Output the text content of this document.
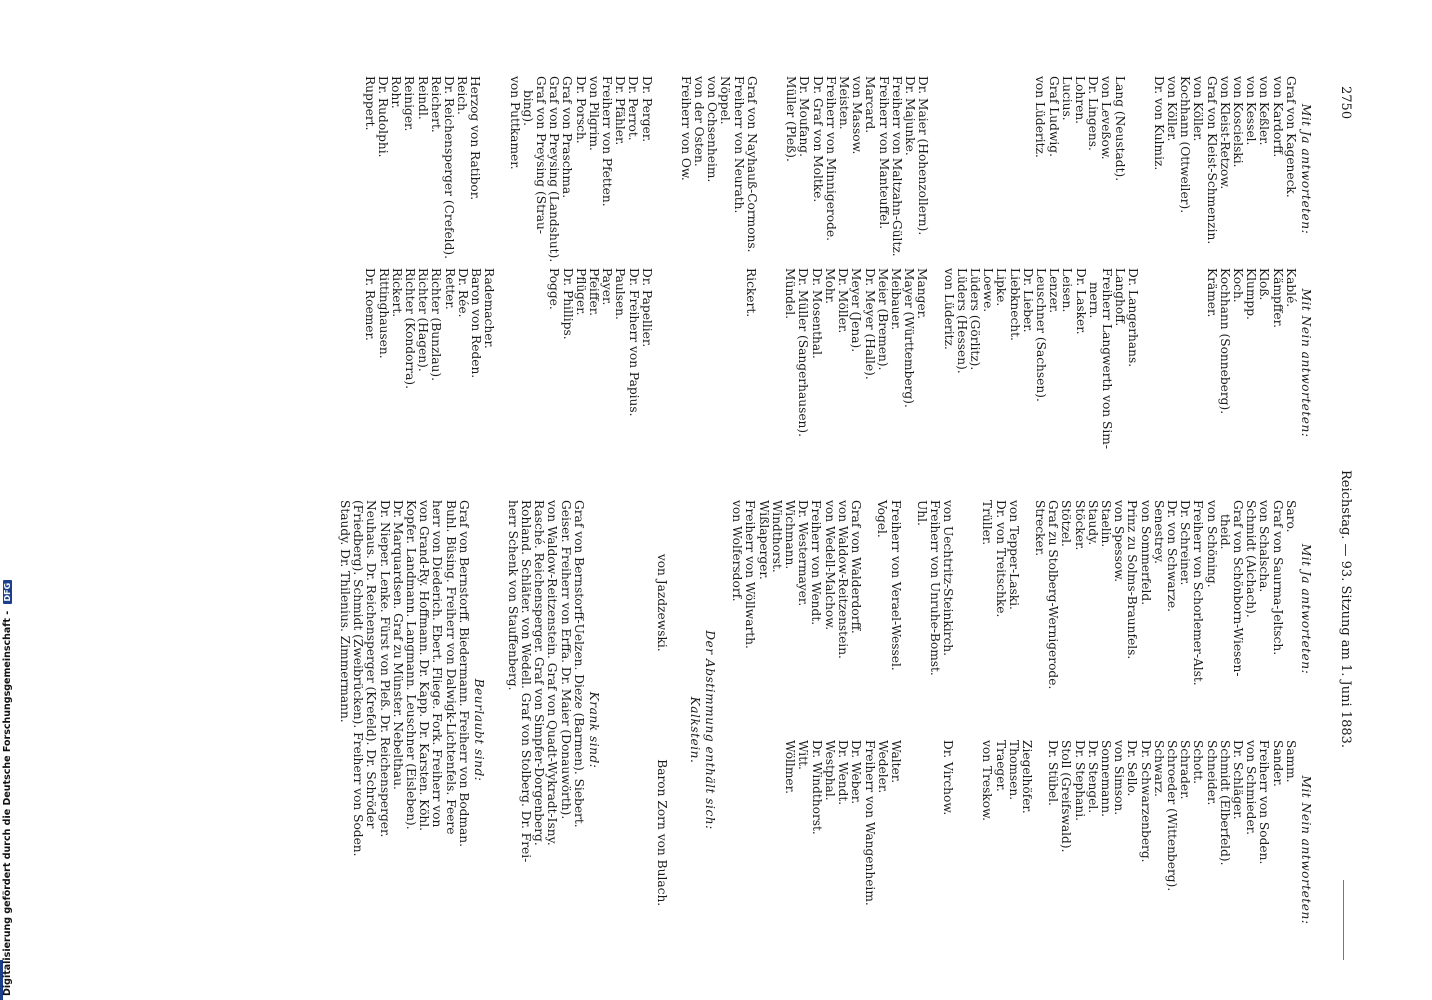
2750
Reichstag. — 93. Sitzung am 1. Juni 1883.
Mit Ja antworteten:
Graf von Kageneck.
von Kardorff.
von Keßler.
von Kessel.
von Koscielski.
von Kleist-Retzow.
Graf von Kleist-Schmenzin.
von Köller.
Kochhann (Ottweiler).
von Köller.
Dr. von Kulmiz.
Lang (Neustadt).
von Leveßow.
Dr. Lingens.
Lohren.
Lucius.
Graf Ludwig.
von Lüderitz.
Dr. Maier (Hohenzollern).
Dr. Majunke.
Freiherr von Maltzahn-Gültz.
Freiherr von Manteuffel.
Marcard.
von Massow.
Meisten.
Freiherr von Minnigerode.
Dr. Graf von Moltke.
Dr. Moufang.
Müller (Pleß).
Graf von Nayhauß-Cormons.
Freiherr von Neurath.
Nöppel.
von Ochsenheim.
von der Osten.
Freiherr von Ow.
Dr. Perger.
Dr. Perrot.
Dr. Pfähler.
Freiherr von Pfetten.
von Pilgrim.
Dr. Porsch.
Graf von Praschma.
Graf von Preysing (Landshut).
Graf von Preysing (Strau-
bing).
von Puttkamer.
Herzog von Ratibor.
Reich.
Dr. Reichensperger (Crefeld).
Reichert.
Reindl.
Reiniger.
Rohr.
Dr. Rudolphi.
Ruppert.
Mit Nein antworteten:
Kablé.
Kämpffer.
Kloß.
Klumpp.
Koch.
Kochhann (Sonneberg).
Krämer.
Dr. Langerhans.
Langhoff.
Freiherr Langwerth von Sim-
mern.
Dr. Lasker.
Leisen.
Lenzer.
Leuschner (Sachsen).
Dr. Lieber.
Liebknecht.
Lipke.
Loewe.
Lüders (Görlitz).
Lüders (Hessen).
von Lüderitz.
Manger.
Mayer (Württemberg).
Meibauer.
Meier (Bremen).
Dr. Meyer (Halle).
Meyer (Jena).
Dr. Möller.
Mohr.
Dr. Mosenthal.
Dr. Müller (Sangerhausen).
Mündel.
Rickert.
Dr. Papellier.
Dr. Freiherr von Papius.
Paulsen.
Payer.
Pfeiffer.
Pflüger.
Dr. Phillips.
Pogge.
Rademacher.
Baron von Reden.
Dr. Rée.
Retter.
Richter (Bunzlau).
Richter (Hagen).
Richter (Kondorra).
Rickert.
Rittinghausen.
Dr. Roemer.
Mit Ja antworteten:
Saro.
Graf von Saurma-Jeltsch.
von Schalscha.
Schmidt (Aichach).
Graf von Schönborn-Wiesen-
theid.
von Schöning.
Freiherr von Schorlemer-Alst.
Dr. Schreiner.
Dr. von Schwarze.
Senestrey.
von Sommerfeld.
Prinz zu Solms-Braunfels.
von Spessow.
Staelin.
Staudy.
Stöcker.
Stötzel.
Graf zu Stolberg-Wernigerode.
Strecker.
von Tepper-Laski.
Dr. von Treitschke.
Trüller.
von Uechtritz-Steinkirch.
Freiherr von Unruhe-Bomst.
Uhl.
Freiherr von Verael-Wessel.
Vogel.
Graf von Walderdorff.
von Waldow-Reitzenstein.
von Wedell-Malchow.
Freiherr von Wendt.
Dr. Westermayer.
Wichmann.
Windthorst.
Wißlaperger.
Freiherr von Wöllwarth.
von Wolfersdorf.
Mit Nein antworteten:
Samm.
Sander.
Freiherr von Soden.
von Schmieder.
Dr. Schläger.
Schmidt (Elberfeld).
Schneider.
Schott.
Schrader.
Schroeder (Wittenberg).
Schwarz.
Dr. Schwarzenberg.
Dr. Sello.
von Simson.
Sonnemann.
Dr. Stengel.
Dr. Stephani.
Stoll (Greifswald).
Dr. Stübel.
Ziegelhöfer.
Thomsen.
Traeger.
von Treskow.
Dr. Virchow.
Walter.
Wedeler.
Freiherr von Wangenheim.
Dr. Weber.
Dr. Wendt.
Westphal.
Dr. Windthorst.
Witt.
Wöllmer.
Der Abstimmung enthält sich:
Kalkstein.
von Jazdzewski.
Baron Zorn von Bulach.
Krank sind:
Graf von Bernstorff-Uelzen. Dieze (Barmen). Siebert.
Geiser. Freiherr von Erffa. Dr. Maier (Donauwörth).
von Waldow-Reitzenstein. Graf von Quadt-Wykradt-Isny.
Rasché. Reichensperger. Graf von Simpfer-Dorgenberg.
Rohland. Schläter. von Wedell. Graf von Stolberg. Dr. Frei-
herr Schenk von Stauffenberg.
Beurlaubt sind:
Graf von Bernstorff. Biedermann. Freiherr von Bodman.
Buhl. Büsing. Freiherr von Dalwigk-Lichtenfels. Feere
herr von Diederich. Ebert. Fliege. Fork. Freiherr von
von Grand-Ry. Hoffmann. Dr. Kapp. Dr. Karsten. Köhl.
Kopfer. Landmann. Langmann. Leuschner (Eisleben).
Dr. Marquardsen. Graf zu Münster. Nebelthau.
Dr. Nieper. Lenke. Fürst von Pleß. Dr. Reichensperger.
Neuhaus. Dr. Reichensperger (Krefeld). Dr. Schröder
(Friedberg). Schmidt (Zweibrücken). Freiherr von Soden.
Staudy. Dr. Thilenius. Zimmermann.
Digitalisierung gefördert durch die Deutsche Forschungsgemeinschaft - DFG
